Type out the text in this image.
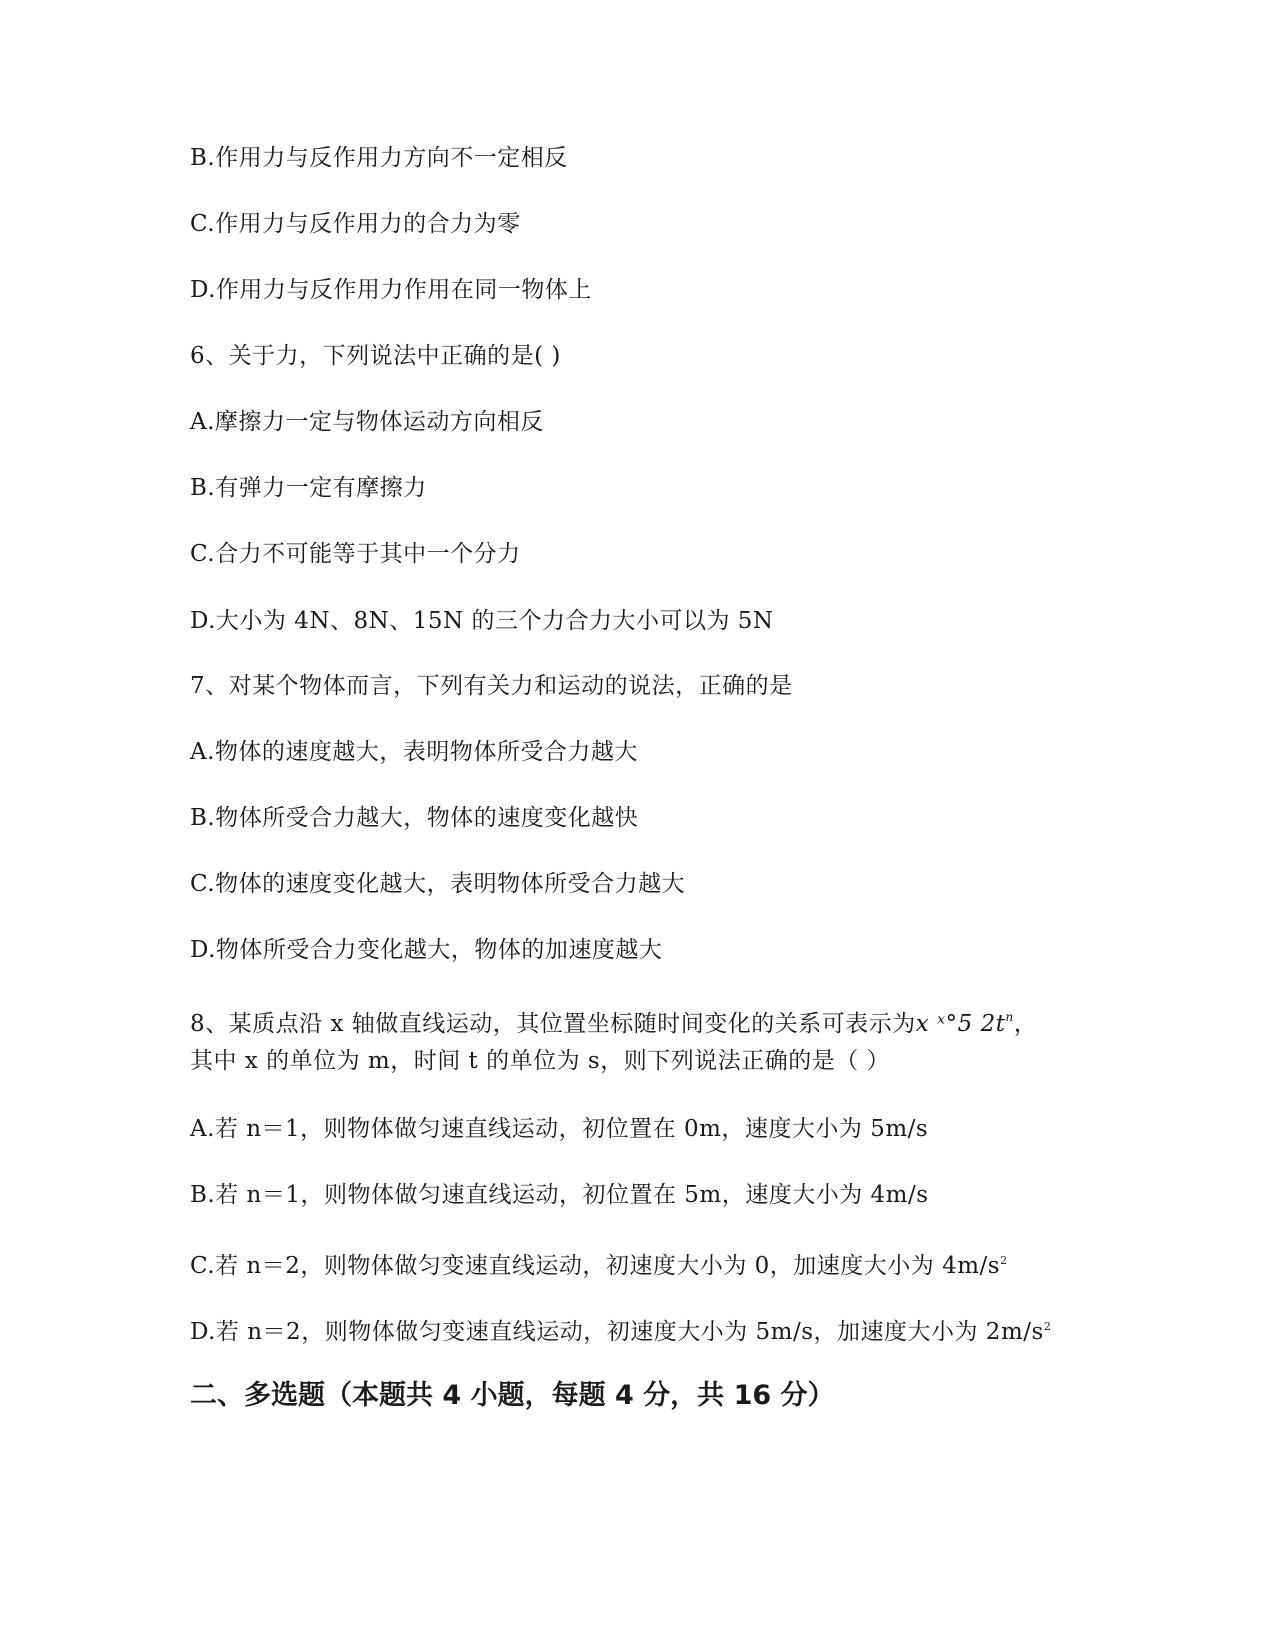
B.作用力与反作用力方向不一定相反
C.作用力与反作用力的合力为零
D.作用力与反作用力作用在同一物体上
6、关于力，下列说法中正确的是( )
A.摩擦力一定与物体运动方向相反
B.有弹力一定有摩擦力
C.合力不可能等于其中一个分力
D.大小为 4N、8N、15N 的三个力合力大小可以为 5N
7、对某个物体而言，下列有关力和运动的说法，正确的是
A.物体的速度越大，表明物体所受合力越大
B.物体所受合力越大，物体的速度变化越快
C.物体的速度变化越大，表明物体所受合力越大
D.物体所受合力变化越大，物体的加速度越大
8、某质点沿 x 轴做直线运动，其位置坐标随时间变化的关系可表示为x ˣ°5 $2t^n$，
其中 x 的单位为 m，时间 t 的单位为 s，则下列说法正确的是（ ）
A.若 n＝1，则物体做匀速直线运动，初位置在 0m，速度大小为 5m/s
B.若 n＝1，则物体做匀速直线运动，初位置在 5m，速度大小为 4m/s
C.若 n＝2，则物体做匀变速直线运动，初速度大小为 0，加速度大小为 $4m/s^2$
D.若 n＝2，则物体做匀变速直线运动，初速度大小为 5m/s，加速度大小为 $2m/s^2$
二、多选题（本题共 4 小题，每题 4 分，共 16 分）
